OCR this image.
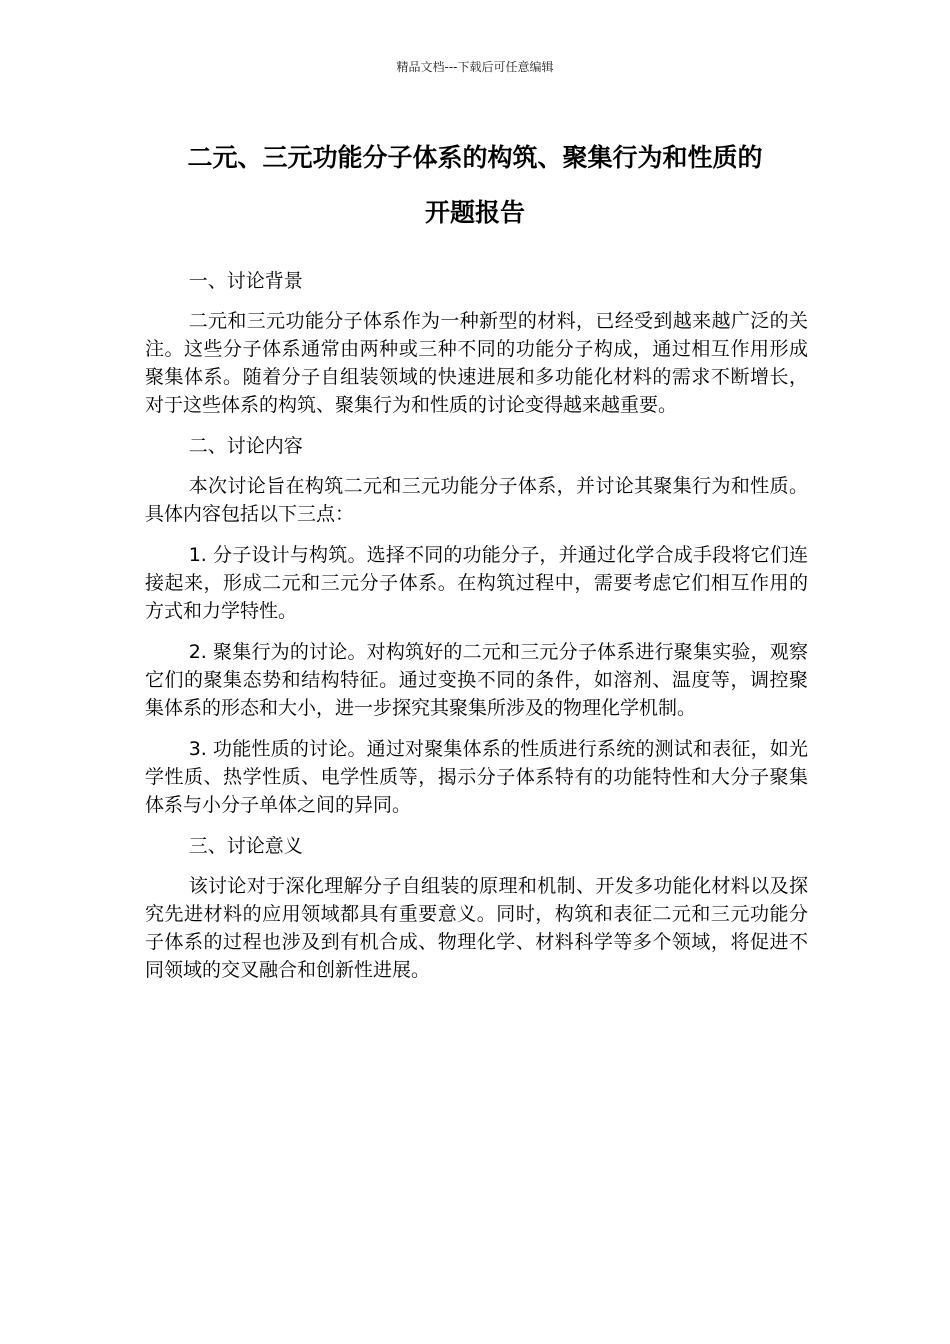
精品文档---下载后可任意编辑
二元、三元功能分子体系的构筑、聚集行为和性质的
开题报告

一、讨论背景

二元和三元功能分子体系作为一种新型的材料，已经受到越来越广泛的关注。这些分子体系通常由两种或三种不同的功能分子构成，通过相互作用形成聚集体系。随着分子自组装领域的快速进展和多功能化材料的需求不断增长，对于这些体系的构筑、聚集行为和性质的讨论变得越来越重要。

二、讨论内容

本次讨论旨在构筑二元和三元功能分子体系，并讨论其聚集行为和性质。具体内容包括以下三点：

1. 分子设计与构筑。选择不同的功能分子，并通过化学合成手段将它们连接起来，形成二元和三元分子体系。在构筑过程中，需要考虑它们相互作用的方式和力学特性。

2. 聚集行为的讨论。对构筑好的二元和三元分子体系进行聚集实验，观察它们的聚集态势和结构特征。通过变换不同的条件，如溶剂、温度等，调控聚集体系的形态和大小，进一步探究其聚集所涉及的物理化学机制。

3. 功能性质的讨论。通过对聚集体系的性质进行系统的测试和表征，如光学性质、热学性质、电学性质等，揭示分子体系特有的功能特性和大分子聚集体系与小分子单体之间的异同。

三、讨论意义

该讨论对于深化理解分子自组装的原理和机制、开发多功能化材料以及探究先进材料的应用领域都具有重要意义。同时，构筑和表征二元和三元功能分子体系的过程也涉及到有机合成、物理化学、材料科学等多个领域，将促进不同领域的交叉融合和创新性进展。
